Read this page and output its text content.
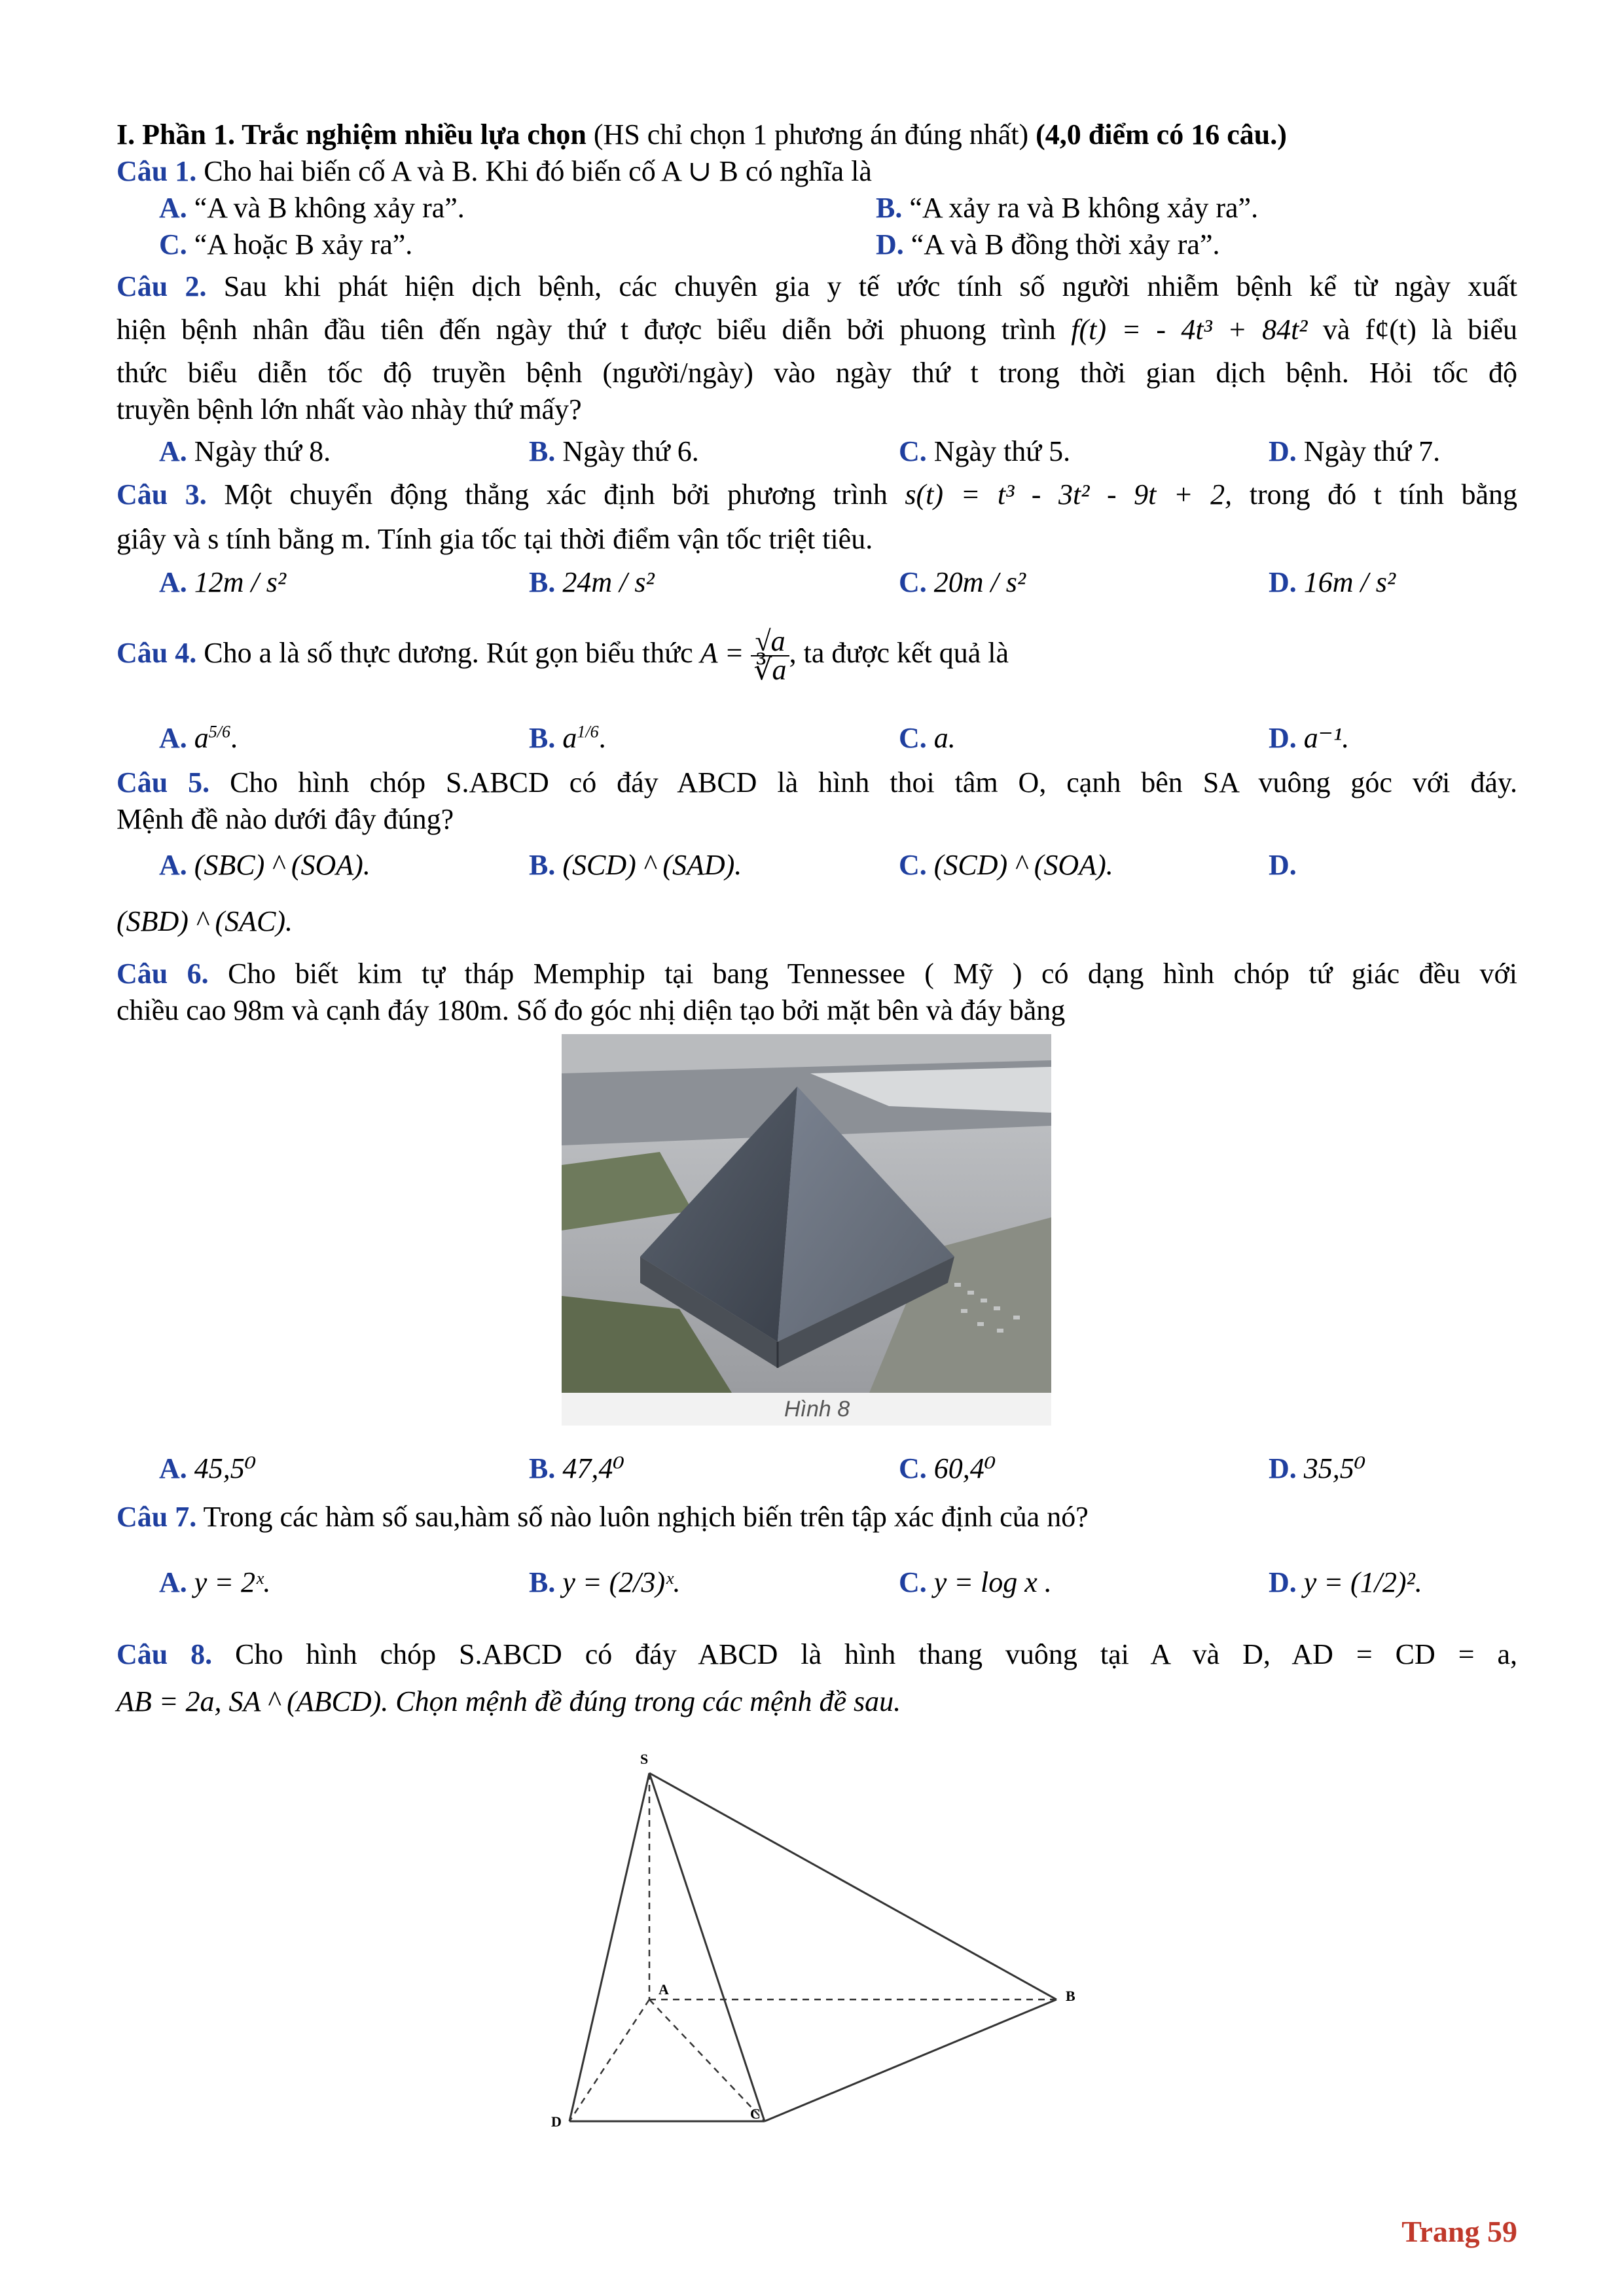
I. Phần 1. Trắc nghiệm nhiều lựa chọn (HS chỉ chọn 1 phương án đúng nhất) (4,0 điểm có 16 câu.)
Câu 1. Cho hai biến cố A và B. Khi đó biến cố A ∪ B có nghĩa là
A. “A và B không xảy ra”.	B. “A xảy ra và B không xảy ra”.
C. “A hoặc B xảy ra”.	D. “A và B đồng thời xảy ra”.
Câu 2. Sau khi phát hiện dịch bệnh, các chuyên gia y tế ước tính số người nhiễm bệnh kể từ ngày xuất
hiện bệnh nhân đầu tiên đến ngày thứ t được biểu diễn bởi phuong trình f(t) = - 4t³ + 84t² và f¢(t) là biểu
thức biểu diễn tốc độ truyền bệnh (người/ngày) vào ngày thứ t trong thời gian dịch bệnh. Hỏi tốc độ
truyền bệnh lớn nhất vào nhày thứ mấy?
A. Ngày thứ 8.	B. Ngày thứ 6.	C. Ngày thứ 5.	D. Ngày thứ 7.
Câu 3. Một chuyển động thẳng xác định bởi phương trình s(t) = t³ - 3t² - 9t + 2, trong đó t tính bằng
giây và s tính bằng m. Tính gia tốc tại thời điểm vận tốc triệt tiêu.
A. 12m / s²	B. 24m / s²	C. 20m / s²	D. 16m / s²
Câu 4. Cho a là số thực dương. Rút gọn biểu thức $A = \frac{√a}{∛a}$ , ta được kết quả là
A. $a^{5/6}$.	B. $a^{1/6}$.	C. a.	D. a⁻¹.
Câu 5. Cho hình chóp S.ABCD có đáy ABCD là hình thoi tâm O, cạnh bên SA vuông góc với đáy.
Mệnh đề nào dưới đây đúng?
A. (SBC) ^ (SOA).	B. (SCD) ^ (SAD).	C. (SCD) ^ (SOA).	D.
(SBD) ^ (SAC).
Câu 6. Cho biết kim tự tháp Memphip tại bang Tennessee ( Mỹ ) có dạng hình chóp tứ giác đều với
chiều cao 98m và cạnh đáy 180m. Số đo góc nhị diện tạo bởi mặt bên và đáy bằng
Hình 8
A. 45,5⁰	B. 47,4⁰	C. 60,4⁰	D. 35,5⁰
Câu 7. Trong các hàm số sau,hàm số nào luôn nghịch biến trên tập xác định của nó?
A. y = 2ˣ.	B. y = (2/3)ˣ.	C. y = log x .	D. y = (1/2)².
Câu 8. Cho hình chóp S.ABCD có đáy ABCD là hình thang vuông tại A và D, AD = CD = a,
AB = 2a, SA ^ (ABCD). Chọn mệnh đề đúng trong các mệnh đề sau.
S
A	B
C
D
Trang 59
